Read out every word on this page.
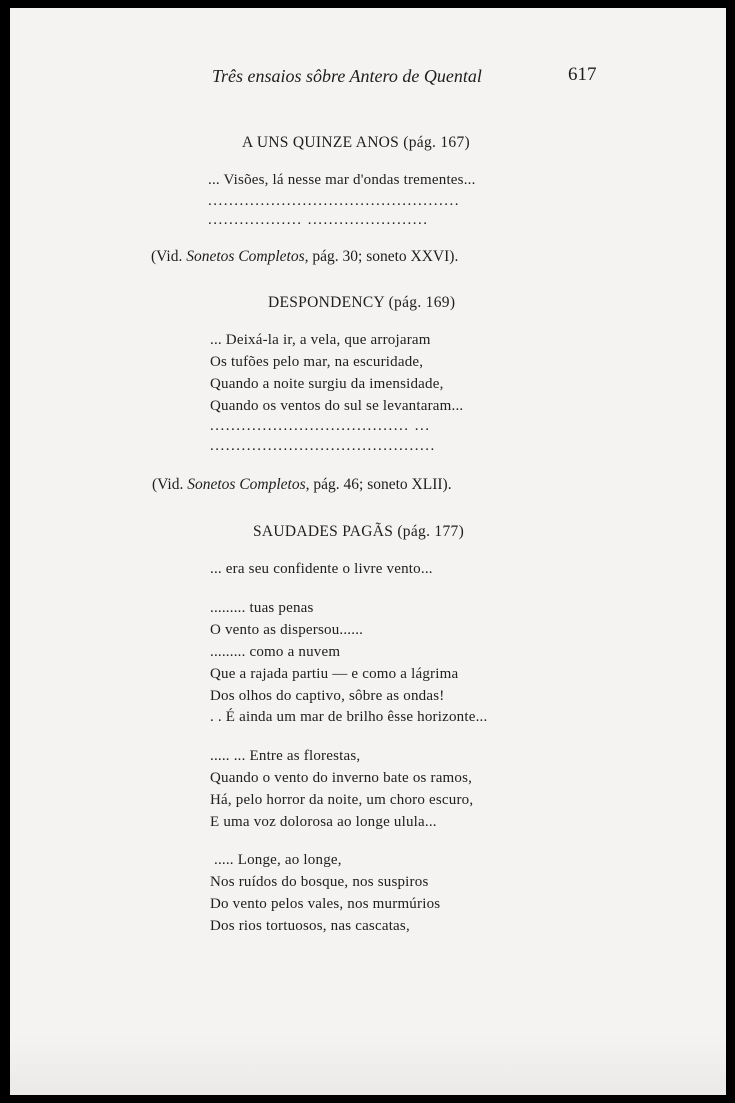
Três ensaios sôbre Antero de Quental	617
A UNS QUINZE ANOS (pág. 167)
... Visões, lá nesse mar d'ondas trementes...
................................................
.................. .......................
(Vid. Sonetos Completos, pág. 30; soneto XXVI).
DESPONDENCY (pág. 169)
... Deixá-la ir, a vela, que arrojaram
Os tufões pelo mar, na escuridade,
Quando a noite surgiu da imensidade,
Quando os ventos do sul se levantaram...
...................................... ...
...........................................
(Vid. Sonetos Completos, pág. 46; soneto XLII).
SAUDADES PAGÃS (pág. 177)
... era seu confidente o livre vento...
......... tuas penas
O vento as dispersou......
......... como a nuvem
Que a rajada partiu — e como a lágrima
Dos olhos do captivo, sôbre as ondas!
. . É ainda um mar de brilho êsse horizonte...
..... ... Entre as florestas,
Quando o vento do inverno bate os ramos,
Há, pelo horror da noite, um choro escuro,
E uma voz dolorosa ao longe ulula...
..... Longe, ao longe,
Nos ruídos do bosque, nos suspiros
Do vento pelos vales, nos murmúrios
Dos rios tortuosos, nas cascatas,
